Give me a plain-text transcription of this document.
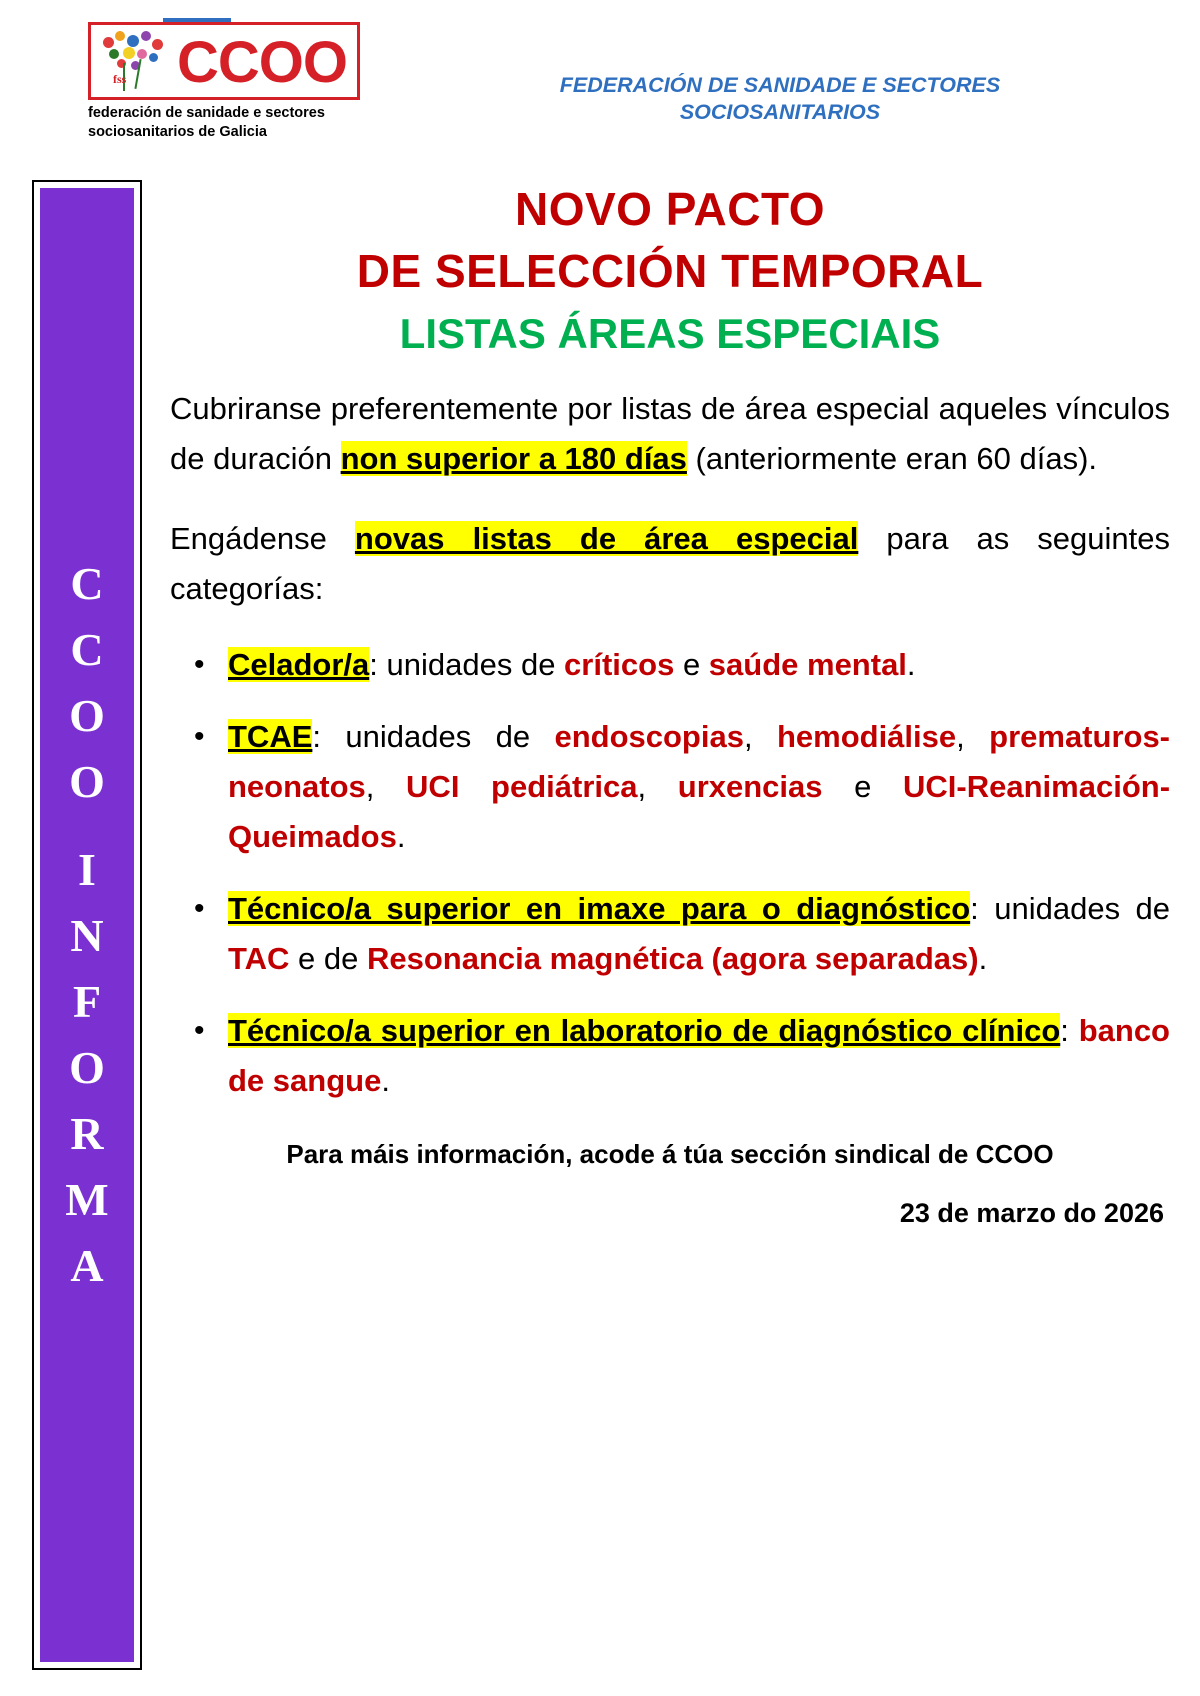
fss CCOO
federación de sanidade e sectores
sociosanitarios de Galicia
FEDERACIÓN DE SANIDADE E SECTORES
SOCIOSANITARIOS
C
C
O
O
I
N
F
O
R
M
A
NOVO PACTO
DE SELECCIÓN TEMPORAL
LISTAS ÁREAS ESPECIAIS

Cubriranse preferentemente por listas de área especial aqueles vínculos de duración non superior a 180 días (anteriormente eran 60 días).

Engádense novas listas de área especial para as seguintes categorías:

• Celador/a: unidades de críticos e saúde mental.
• TCAE: unidades de endoscopias, hemodiálise, prematuros-neonatos, UCI pediátrica, urxencias e UCI-Reanimación-Queimados.
• Técnico/a superior en imaxe para o diagnóstico: unidades de TAC e de Resonancia magnética (agora separadas).
• Técnico/a superior en laboratorio de diagnóstico clínico: banco de sangue.

Para máis información, acode á túa sección sindical de CCOO

23 de marzo do 2026
